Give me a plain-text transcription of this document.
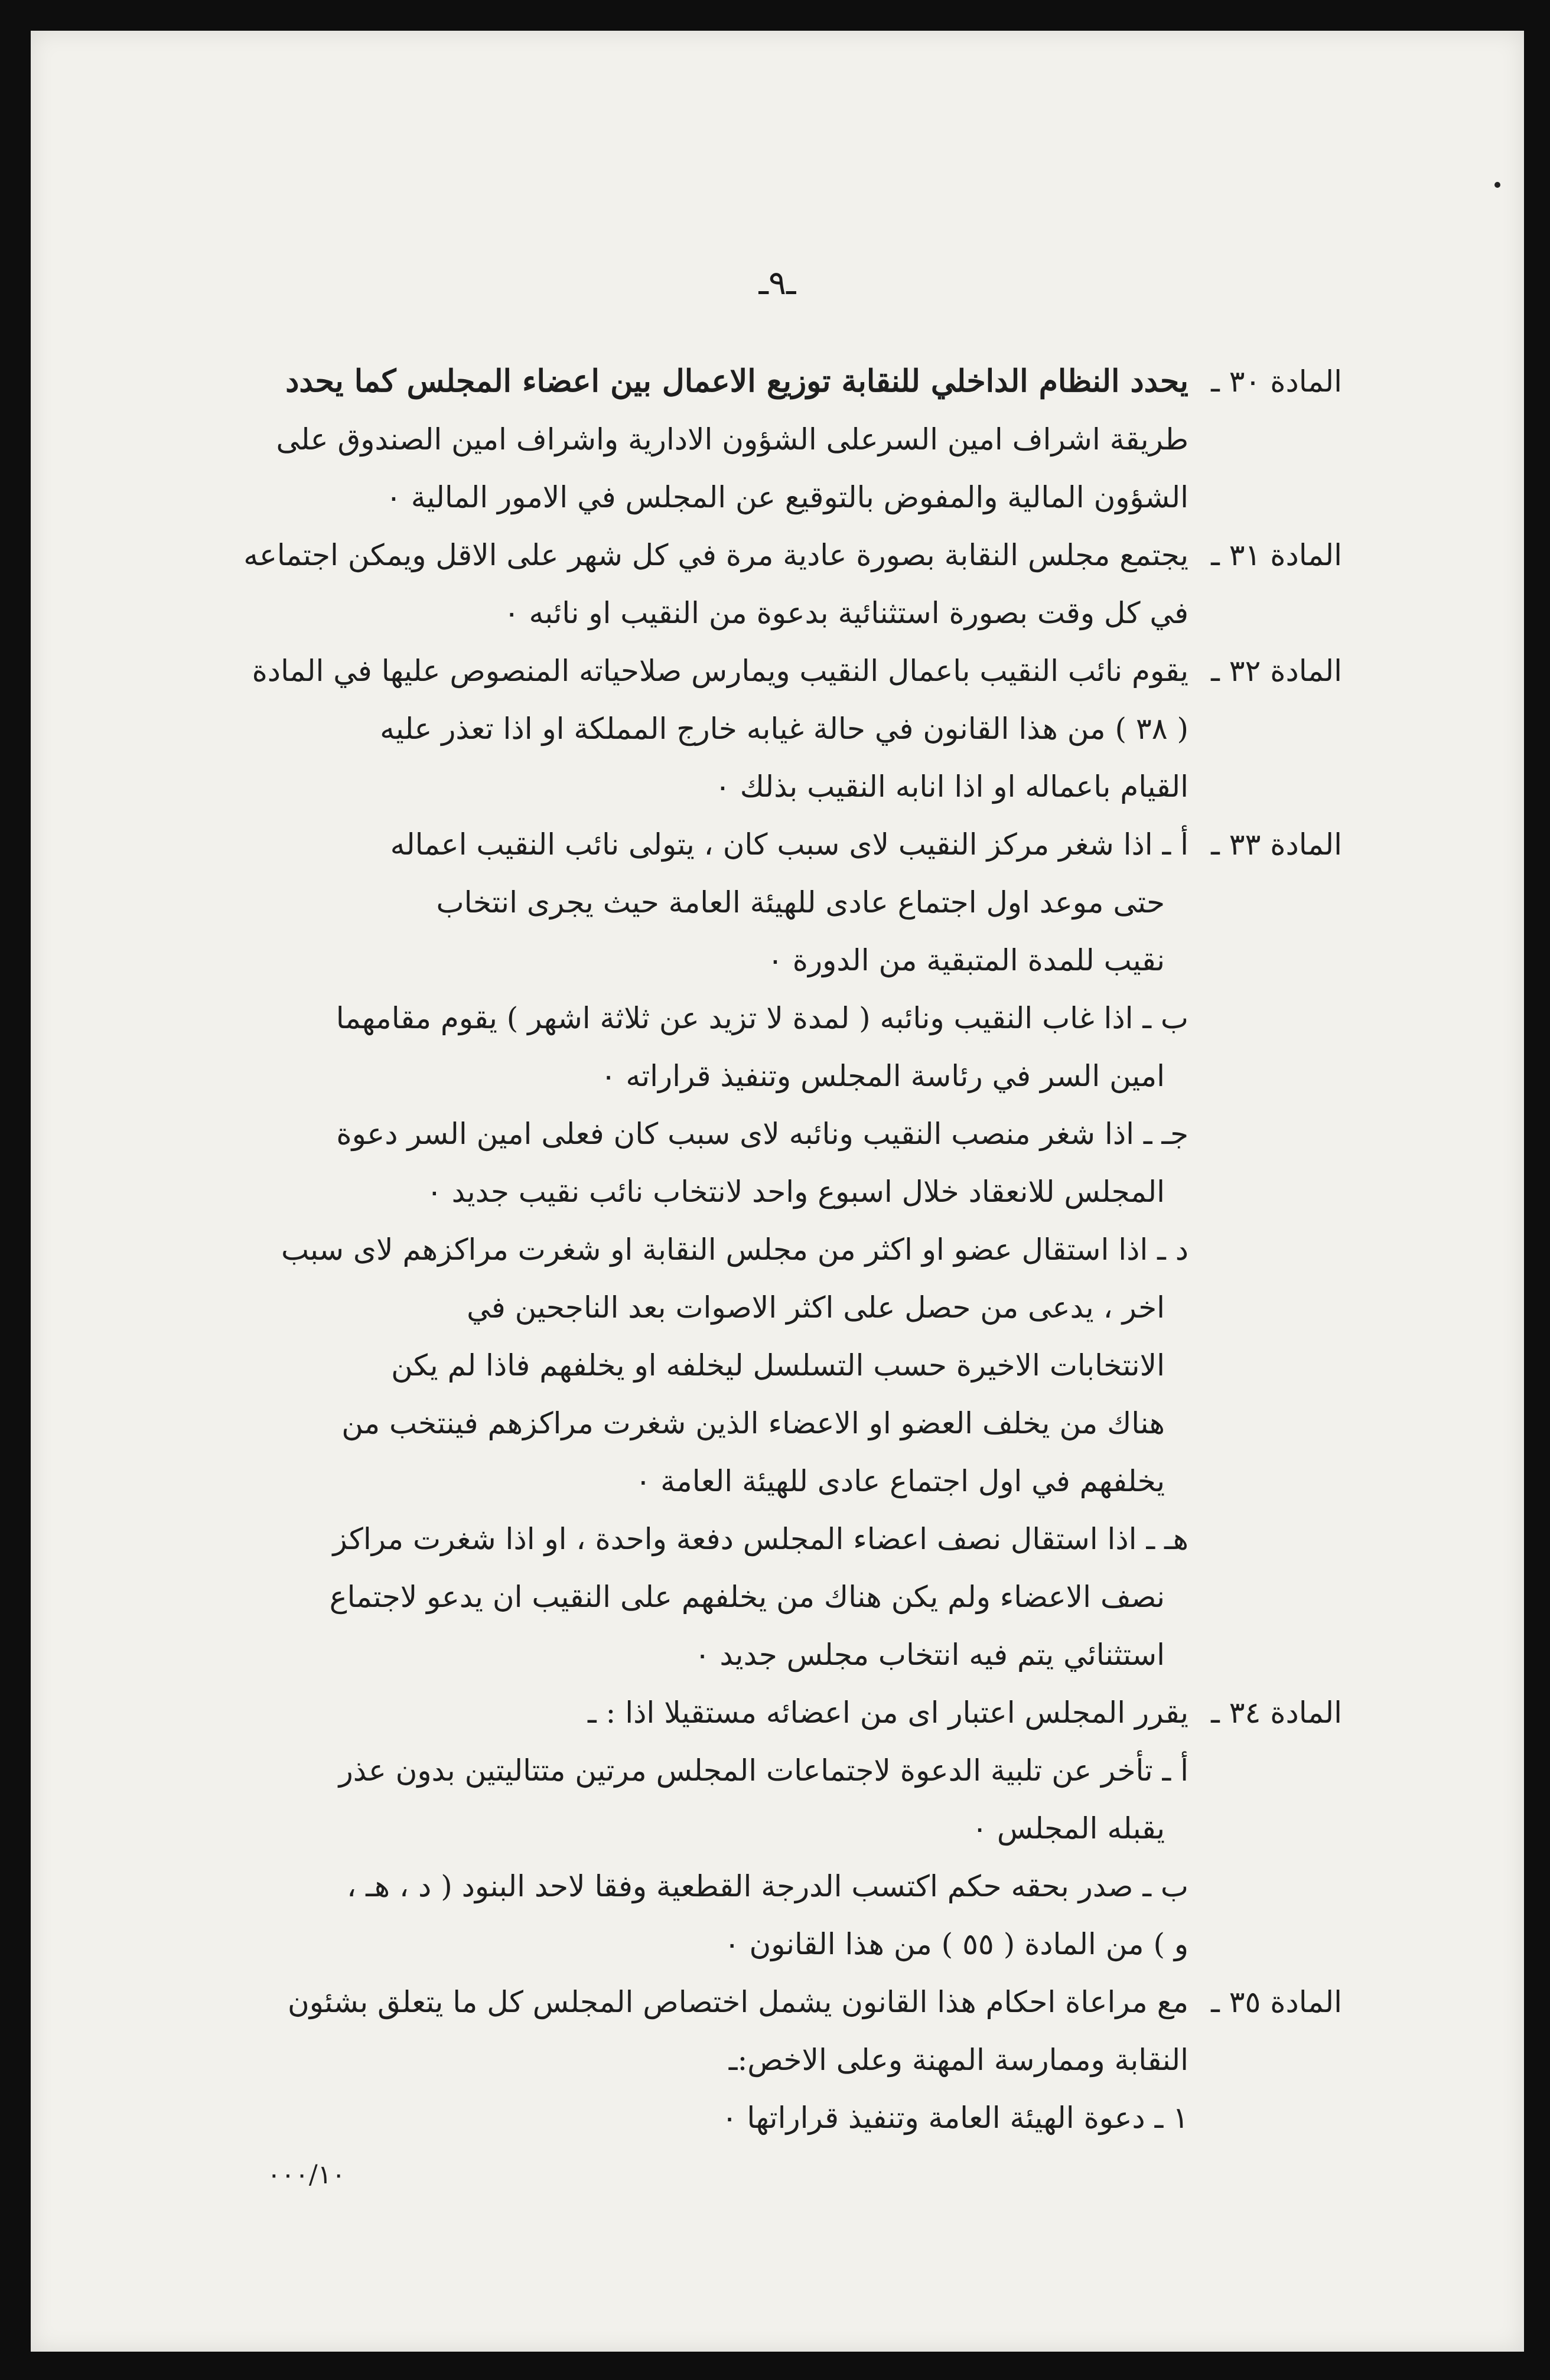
ـ٩ـ
المادة ٣٠ ـ
يحدد النظام الداخلي للنقابة توزيع الاعمال بين اعضاء المجلس كما يحدد
طريقة اشراف امين السرعلى الشؤون الادارية واشراف امين الصندوق على
الشؤون المالية والمفوض بالتوقيع عن المجلس في الامور المالية ٠
المادة ٣١ ـ
يجتمع مجلس النقابة بصورة عادية مرة في كل شهر على الاقل ويمكن اجتماعه
في كل وقت بصورة استثنائية بدعوة من النقيب او نائبه ٠
المادة ٣٢ ـ
يقوم نائب النقيب باعمال النقيب ويمارس صلاحياته المنصوص عليها في المادة
( ٣٨ ) من هذا القانون في حالة غيابه خارج المملكة او اذا تعذر عليه
القيام باعماله او اذا انابه النقيب بذلك ٠
المادة ٣٣ ـ
أ ـ اذا شغر مركز النقيب لاى سبب كان ، يتولى نائب النقيب اعماله
حتى موعد اول اجتماع عادى للهيئة العامة حيث يجرى انتخاب
نقيب للمدة المتبقية من الدورة ٠
ب ـ اذا غاب النقيب ونائبه ( لمدة لا تزيد عن ثلاثة اشهر ) يقوم مقامهما
امين السر في رئاسة المجلس وتنفيذ قراراته ٠
جـ ـ اذا شغر منصب النقيب ونائبه لاى سبب كان فعلى امين السر دعوة
المجلس للانعقاد خلال اسبوع واحد لانتخاب نائب نقيب جديد ٠
د ـ اذا استقال عضو او اكثر من مجلس النقابة او شغرت مراكزهم لاى سبب
اخر ، يدعى من حصل على اكثر الاصوات بعد الناجحين في
الانتخابات الاخيرة حسب التسلسل ليخلفه او يخلفهم فاذا لم يكن
هناك من يخلف العضو او الاعضاء الذين شغرت مراكزهم فينتخب من
يخلفهم في اول اجتماع عادى للهيئة العامة ٠
هـ ـ اذا استقال نصف اعضاء المجلس دفعة واحدة ، او اذا شغرت مراكز
نصف الاعضاء ولم يكن هناك من يخلفهم على النقيب ان يدعو لاجتماع
استثنائي يتم فيه انتخاب مجلس جديد ٠
المادة ٣٤ ـ
يقرر المجلس اعتبار اى من اعضائه مستقيلا اذا : ـ
أ ـ تأخر عن تلبية الدعوة لاجتماعات المجلس مرتين متتاليتين بدون عذر
يقبله المجلس ٠
ب ـ صدر بحقه حكم اكتسب الدرجة القطعية وفقا لاحد البنود ( د ، هـ ،
و ) من المادة ( ٥٥ ) من هذا القانون ٠
المادة ٣٥ ـ
مع مراعاة احكام هذا القانون يشمل اختصاص المجلس كل ما يتعلق بشئون
النقابة وممارسة المهنة وعلى الاخص:ـ
١ ـ دعوة الهيئة العامة وتنفيذ قراراتها ٠
٠٠٠/١٠
